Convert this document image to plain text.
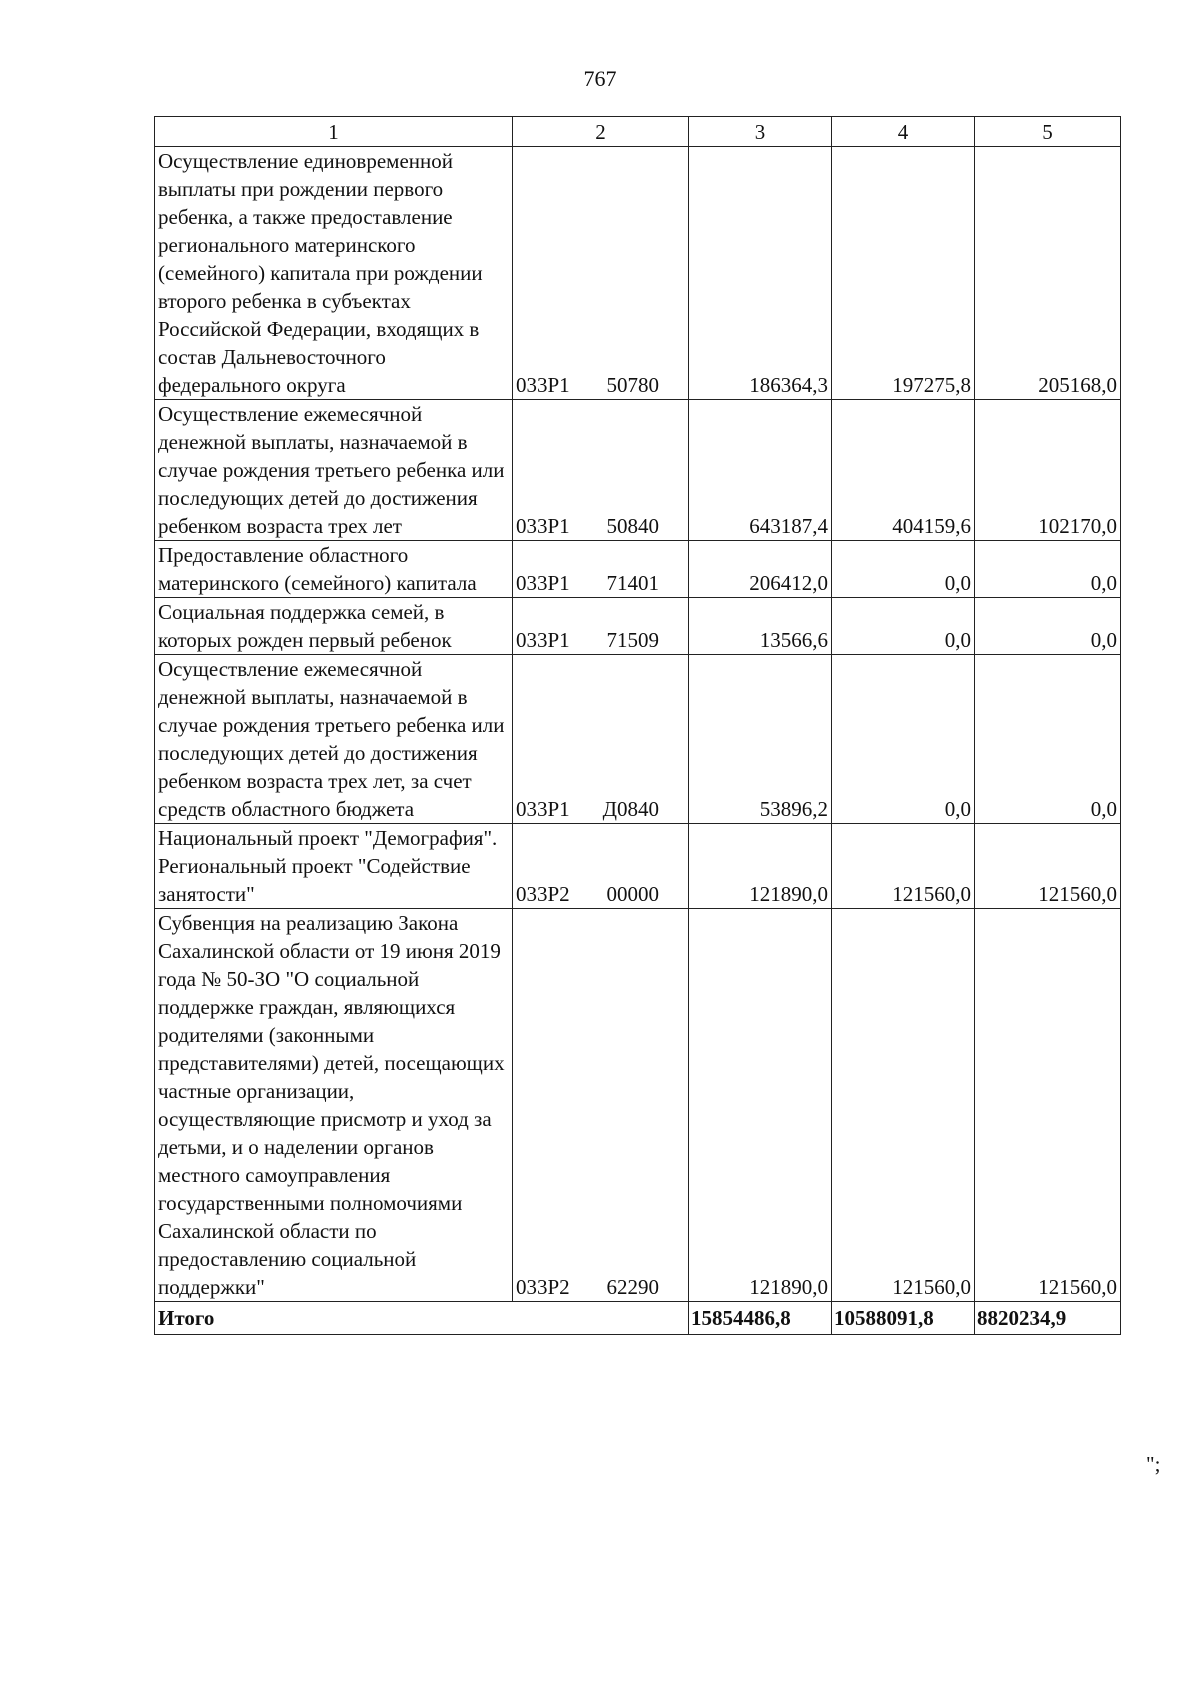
767
1	2	3	4	5
Осуществление единовременной выплаты при рождении первого ребенка, а также предоставление регионального материнского (семейного) капитала при рождении второго ребенка в субъектах Российской Федерации, входящих в состав Дальневосточного федерального округа	033P1 50780	186364,3	197275,8	205168,0
Осуществление ежемесячной денежной выплаты, назначаемой в случае рождения третьего ребенка или последующих детей до достижения ребенком возраста трех лет	033P1 50840	643187,4	404159,6	102170,0
Предоставление областного материнского (семейного) капитала	033P1 71401	206412,0	0,0	0,0
Социальная поддержка семей, в которых рожден первый ребенок	033P1 71509	13566,6	0,0	0,0
Осуществление ежемесячной денежной выплаты, назначаемой в случае рождения третьего ребенка или последующих детей до достижения ребенком возраста трех лет, за счет средств областного бюджета	033P1 Д0840	53896,2	0,0	0,0
Национальный проект "Демография". Региональный проект "Содействие занятости"	033P2 00000	121890,0	121560,0	121560,0
Субвенция на реализацию Закона Сахалинской области от 19 июня 2019 года № 50-ЗО "О социальной поддержке граждан, являющихся родителями (законными представителями) детей, посещающих частные организации, осуществляющие присмотр и уход за детьми, и о наделении органов местного самоуправления государственными полномочиями Сахалинской области по предоставлению социальной поддержки"	033P2 62290	121890,0	121560,0	121560,0
Итого		15854486,8	10588091,8	8820234,9
";
